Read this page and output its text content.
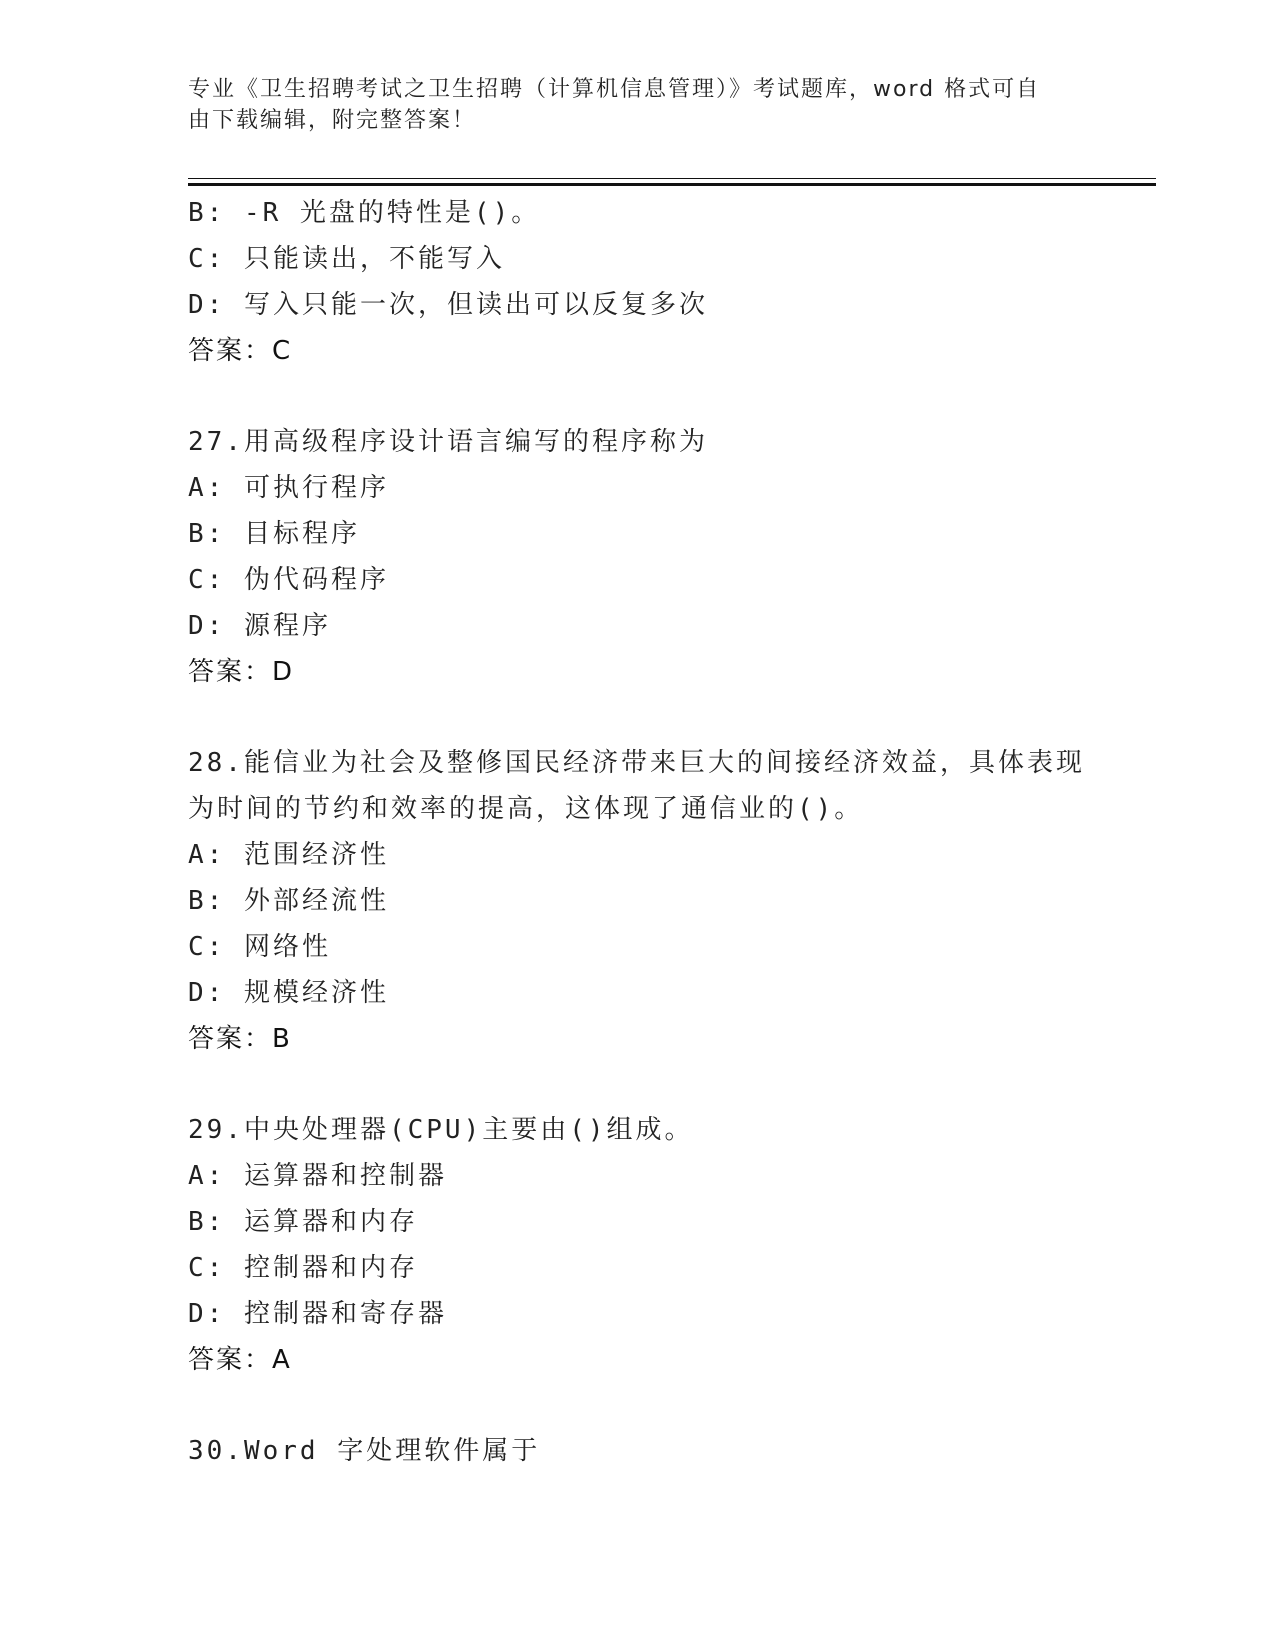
专业《卫生招聘考试之卫生招聘（计算机信息管理）》考试题库，word 格式可自
由下载编辑，附完整答案！
B: -R 光盘的特性是()。
C: 只能读出，不能写入
D: 写入只能一次，但读出可以反复多次
答案：C
27.用高级程序设计语言编写的程序称为
A: 可执行程序
B: 目标程序
C: 伪代码程序
D: 源程序
答案：D
28.能信业为社会及整修国民经济带来巨大的间接经济效益，具体表现
为时间的节约和效率的提高，这体现了通信业的()。
A: 范围经济性
B: 外部经流性
C: 网络性
D: 规模经济性
答案：B
29.中央处理器(CPU)主要由()组成。
A: 运算器和控制器
B: 运算器和内存
C: 控制器和内存
D: 控制器和寄存器
答案：A
30.Word 字处理软件属于
